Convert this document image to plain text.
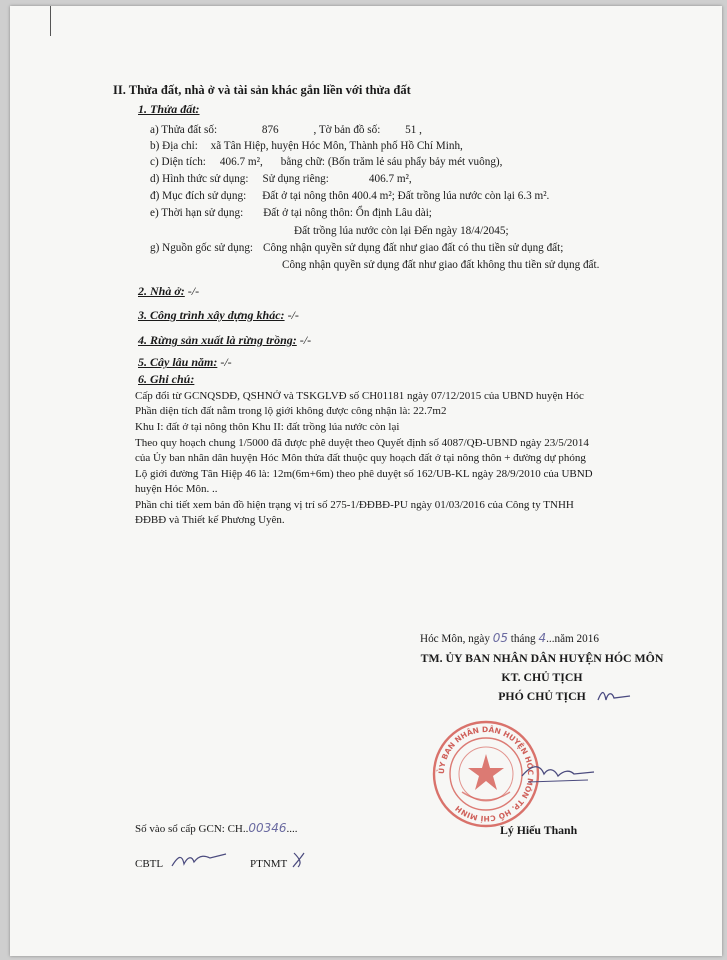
II. Thửa đất, nhà ở và tài sản khác gắn liền với thửa đất
1. Thửa đất:
a) Thửa đất số:	876	, Tờ bản đồ số: 51 ,
b) Địa chỉ: xã Tân Hiệp, huyện Hóc Môn, Thành phố Hồ Chí Minh,
c) Diện tích: 406.7 m², bằng chữ: (Bốn trăm lẻ sáu phẩy bảy mét vuông),
d) Hình thức sử dụng: Sử dụng riêng:	406.7 m²,
đ) Mục đích sử dụng: Đất ở tại nông thôn 400.4 m²; Đất trồng lúa nước còn lại 6.3 m².
e) Thời hạn sử dụng: Đất ở tại nông thôn: Ổn định Lâu dài;
Đất trồng lúa nước còn lại Đến ngày 18/4/2045;
g) Nguồn gốc sử dụng: Công nhận quyền sử dụng đất như giao đất có thu tiền sử dụng đất;
Công nhận quyền sử dụng đất như giao đất không thu tiền sử dụng đất.
2. Nhà ở: -/-
3. Công trình xây dựng khác: -/-
4. Rừng sản xuất là rừng trồng: -/-
5. Cây lâu năm: -/-
6. Ghi chú:
Cấp đổi từ GCNQSDĐ, QSHNỞ và TSKGLVĐ số CH01181 ngày 07/12/2015 của UBND huyện Hóc
Phần diện tích đất nằm trong lộ giới không được công nhận là: 22.7m2
Khu I: đất ở tại nông thôn Khu II: đất trồng lúa nước còn lại
Theo quy hoạch chung 1/5000 đã được phê duyệt theo Quyết định số 4087/QĐ-UBND ngày 23/5/2014
của Ủy ban nhân dân huyện Hóc Môn thửa đất thuộc quy hoạch đất ở tại nông thôn + đường dự phóng
Lộ giới đường Tân Hiệp 46 là: 12m(6m+6m) theo phê duyệt số 162/UB-KL ngày 28/9/2010 của UBND
huyện Hóc Môn. ..
Phần chi tiết xem bản đồ hiện trạng vị trí số 275-1/ĐĐBĐ-PU ngày 01/03/2016 của Công ty TNHH
ĐĐBĐ và Thiết kế Phương Uyên.
Hóc Môn, ngày 05 tháng 4...năm 2016
TM. ỦY BAN NHÂN DÂN HUYỆN HÓC MÔN
KT. CHỦ TỊCH
PHÓ CHỦ TỊCH
ỦY BAN NHÂN DÂN HUYỆN HÓC MÔN TP. HỒ CHÍ MINH
Lý Hiếu Thanh
Số vào sổ cấp GCN: CH..00346....
CBTL	PTNMT
